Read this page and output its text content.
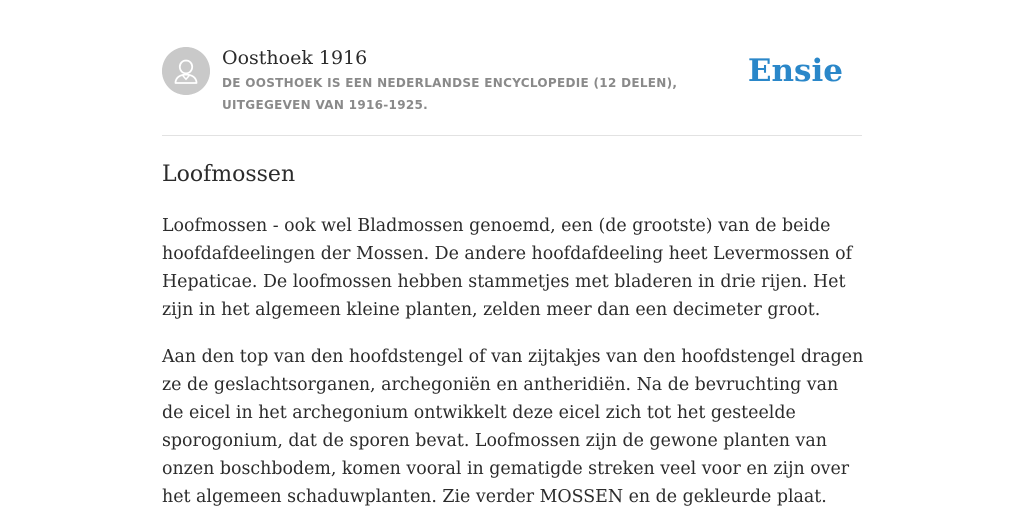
Oosthoek 1916
DE OOSTHOEK IS EEN NEDERLANDSE ENCYCLOPEDIE (12 DELEN), UITGEGEVEN VAN 1916-1925.
Ensie
Loofmossen

Loofmossen - ook wel Bladmossen genoemd, een (de grootste) van de beide hoofdafdeelingen der Mossen. De andere hoofdafdeeling heet Levermossen of Hepaticae. De loofmossen hebben stammetjes met bladeren in drie rijen. Het zijn in het algemeen kleine planten, zelden meer dan een decimeter groot.

Aan den top van den hoofdstengel of van zijtakjes van den hoofdstengel dragen ze de geslachtsorganen, archegoniën en antheridiën. Na de bevruchting van de eicel in het archegonium ontwikkelt deze eicel zich tot het gesteelde sporogonium, dat de sporen bevat. Loofmossen zijn de gewone planten van onzen boschbodem, komen vooral in gematigde streken veel voor en zijn over het algemeen schaduwplanten. Zie verder MOSSEN en de gekleurde plaat.
